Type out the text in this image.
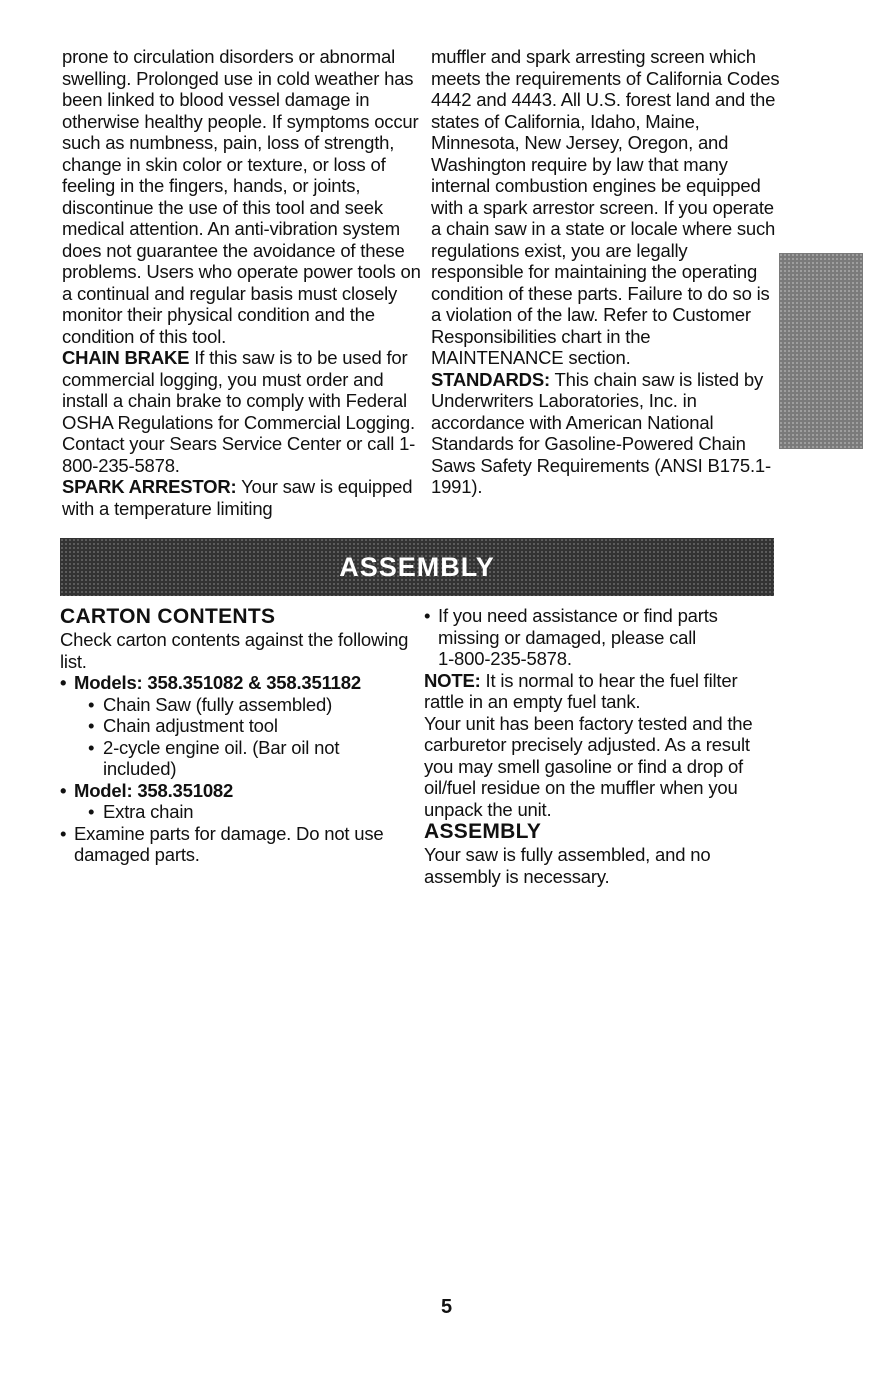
prone to circulation disorders or abnormal swelling. Prolonged use in cold weather has been linked to blood vessel damage in otherwise healthy people. If symptoms occur such as numbness, pain, loss of strength, change in skin color or texture, or loss of feeling in the fingers, hands, or joints, discontinue the use of this tool and seek medical attention. An anti-vibration system does not guarantee the avoidance of these problems. Users who operate power tools on a continual and regular basis must closely monitor their physical condition and the condition of this tool.

CHAIN BRAKE If this saw is to be used for commercial logging, you must order and install a chain brake to comply with Federal OSHA Regulations for Commercial Logging. Contact your Sears Service Center or call 1-800-235-5878.

SPARK ARRESTOR: Your saw is equipped with a temperature limiting

muffler and spark arresting screen which meets the requirements of California Codes 4442 and 4443. All U.S. forest land and the states of California, Idaho, Maine, Minnesota, New Jersey, Oregon, and Washington require by law that many internal combustion engines be equipped with a spark arrestor screen. If you operate a chain saw in a state or locale where such regulations exist, you are legally responsible for maintaining the operating condition of these parts. Failure to do so is a violation of the law. Refer to Customer Responsibilities chart in the MAINTENANCE section.

STANDARDS: This chain saw is listed by Underwriters Laboratories, Inc. in accordance with American National Standards for Gasoline-Powered Chain Saws Safety Requirements (ANSI B175.1-1991).

ASSEMBLY

CARTON CONTENTS

Check carton contents against the following list.

• Models: 358.351082 & 358.351182

• Chain Saw (fully assembled)

• Chain adjustment tool

• 2-cycle engine oil. (Bar oil not included)

• Model: 358.351082

• Extra chain

• Examine parts for damage. Do not use damaged parts.

• If you need assistance or find parts missing or damaged, please call
1-800-235-5878.

NOTE: It is normal to hear the fuel filter rattle in an empty fuel tank.

Your unit has been factory tested and the carburetor precisely adjusted. As a result you may smell gasoline or find a drop of oil/fuel residue on the muffler when you unpack the unit.

ASSEMBLY

Your saw is fully assembled, and no assembly is necessary.

5
